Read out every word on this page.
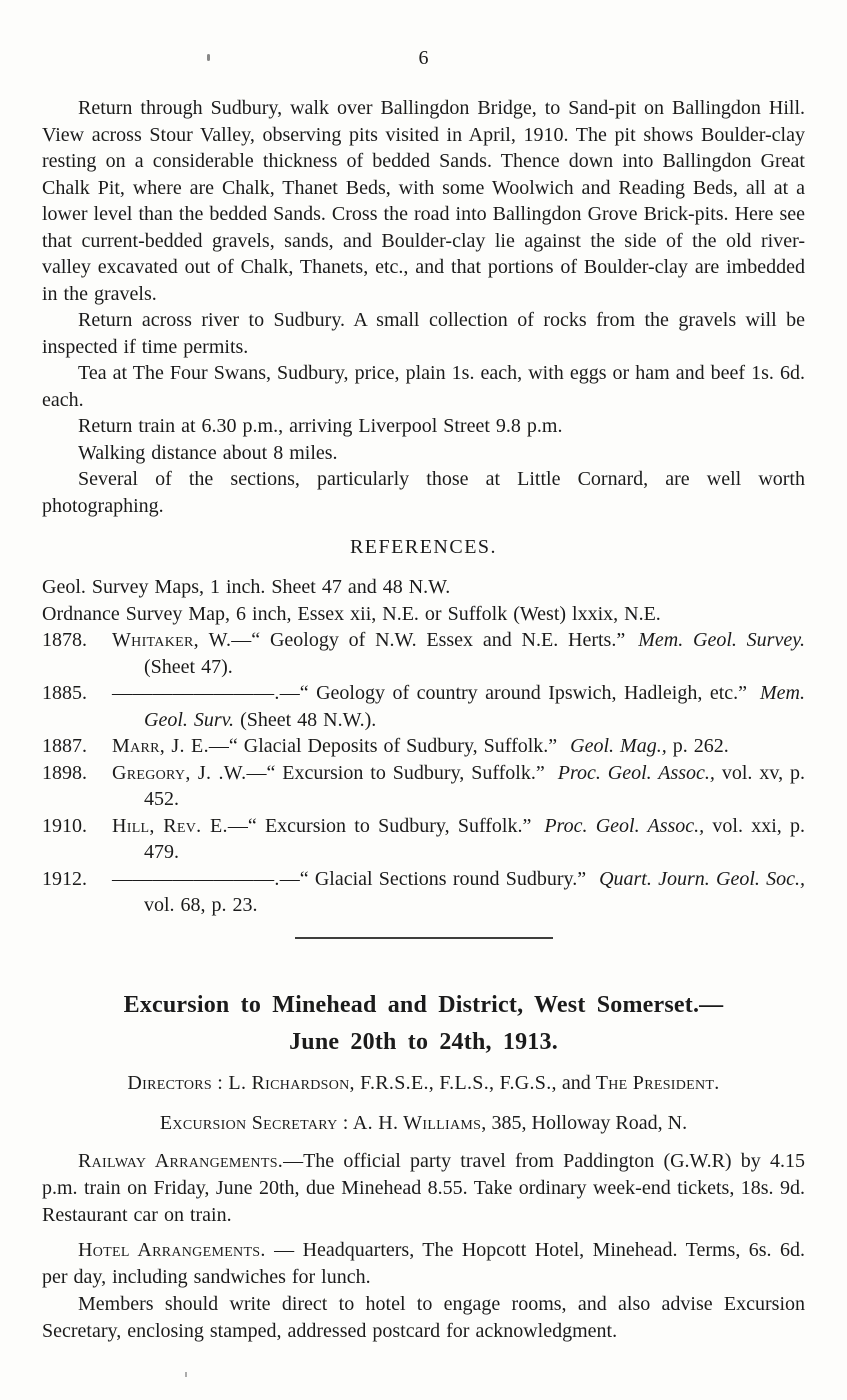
6

Return through Sudbury, walk over Ballingdon Bridge, to Sand-pit on Ballingdon Hill. View across Stour Valley, observing pits visited in April, 1910. The pit shows Boulder-clay resting on a considerable thickness of bedded Sands. Thence down into Ballingdon Great Chalk Pit, where are Chalk, Thanet Beds, with some Woolwich and Reading Beds, all at a lower level than the bedded Sands. Cross the road into Ballingdon Grove Brick-pits. Here see that current-bedded gravels, sands, and Boulder-clay lie against the side of the old river-valley excavated out of Chalk, Thanets, etc., and that portions of Boulder-clay are imbedded in the gravels.

Return across river to Sudbury. A small collection of rocks from the gravels will be inspected if time permits.

Tea at The Four Swans, Sudbury, price, plain 1s. each, with eggs or ham and beef 1s. 6d. each.

Return train at 6.30 p.m., arriving Liverpool Street 9.8 p.m.

Walking distance about 8 miles.

Several of the sections, particularly those at Little Cornard, are well worth photographing.

REFERENCES.
Geol. Survey Maps, 1 inch. Sheet 47 and 48 N.W.
Ordnance Survey Map, 6 inch, Essex xii, N.E. or Suffolk (West) lxxix, N.E.
1878. Whitaker, W.—“ Geology of N.W. Essex and N.E. Herts.” Mem. Geol. Survey. (Sheet 47).
1885. ————————.—“ Geology of country around Ipswich, Hadleigh, etc.” Mem. Geol. Surv. (Sheet 48 N.W.).
1887. Marr, J. E.—“ Glacial Deposits of Sudbury, Suffolk.” Geol. Mag., p. 262.
1898. Gregory, J. .W.—“ Excursion to Sudbury, Suffolk.” Proc. Geol. Assoc., vol. xv, p. 452.
1910. Hill, Rev. E.—“ Excursion to Sudbury, Suffolk.” Proc. Geol. Assoc., vol. xxi, p. 479.
1912. ————————.—“ Glacial Sections round Sudbury.” Quart. Journ. Geol. Soc., vol. 68, p. 23.
Excursion to Minehead and District, West Somerset.—
June 20th to 24th, 1913.

Directors : L. Richardson, F.R.S.E., F.L.S., F.G.S., and The President.

Excursion Secretary : A. H. Williams, 385, Holloway Road, N.

Railway Arrangements.—The official party travel from Paddington (G.W.R) by 4.15 p.m. train on Friday, June 20th, due Minehead 8.55. Take ordinary week-end tickets, 18s. 9d. Restaurant car on train.

Hotel Arrangements. — Headquarters, The Hopcott Hotel, Minehead. Terms, 6s. 6d. per day, including sandwiches for lunch.

Members should write direct to hotel to engage rooms, and also advise Excursion Secretary, enclosing stamped, addressed postcard for acknowledgment.
